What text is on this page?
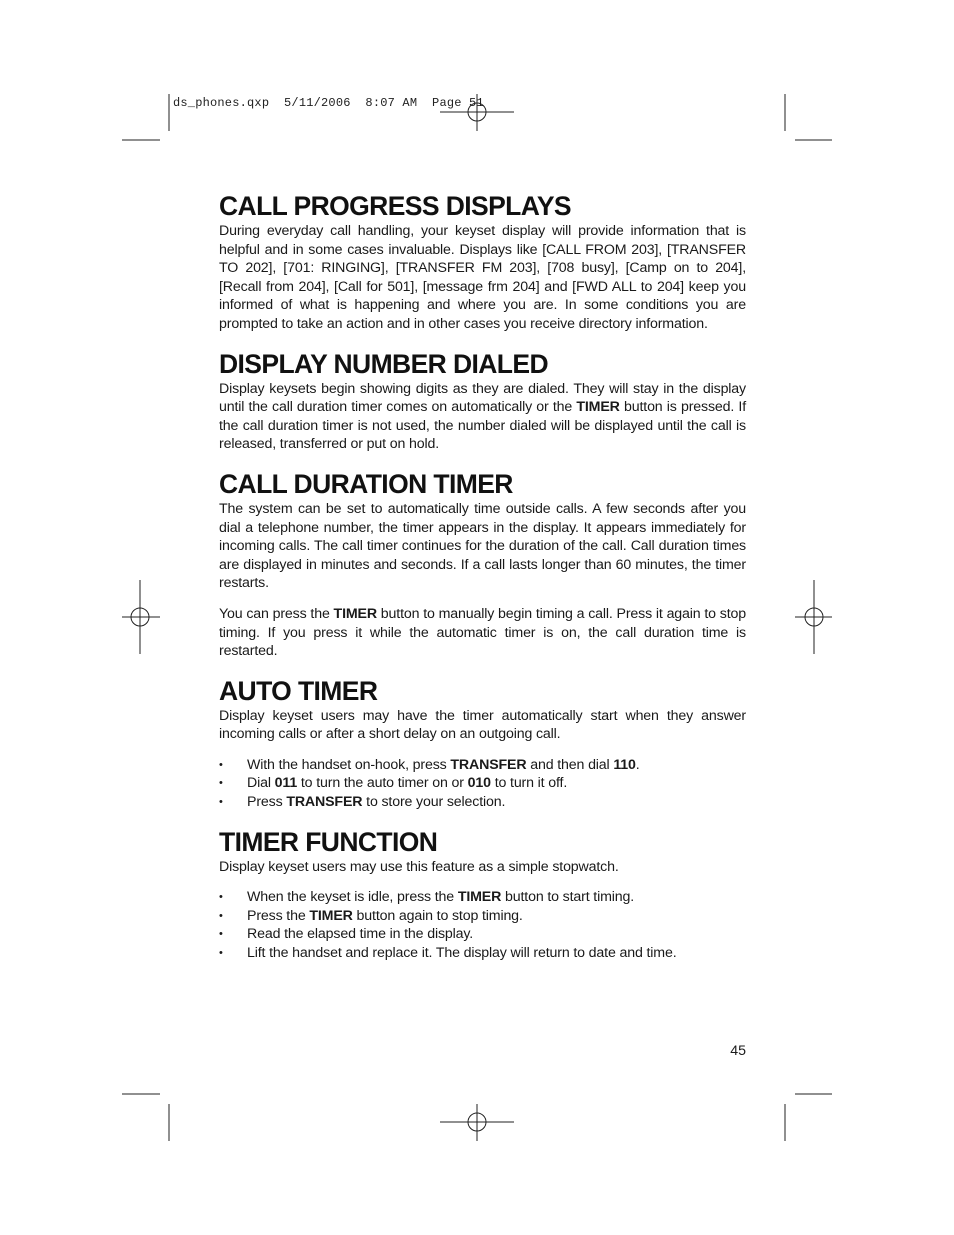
ds_phones.qxp  5/11/2006  8:07 AM  Page 51
CALL PROGRESS DISPLAYS

During everyday call handling, your keyset display will provide information that is helpful and in some cases invaluable. Displays like [CALL FROM 203], [TRANSFER TO 202], [701: RINGING], [TRANSFER FM 203], [708 busy], [Camp on to 204], [Recall from 204], [Call for 501], [message frm 204] and [FWD ALL to 204] keep you informed of what is happening and where you are. In some conditions you are prompted to take an action and in other cases you receive directory information.

DISPLAY NUMBER DIALED

Display keysets begin showing digits as they are dialed. They will stay in the display until the call duration timer comes on automatically or the TIMER button is pressed. If the call duration timer is not used, the number dialed will be displayed until the call is released, transferred or put on hold.

CALL DURATION TIMER

The system can be set to automatically time outside calls. A few seconds after you dial a telephone number, the timer appears in the display. It appears immediately for incoming calls. The call timer continues for the duration of the call. Call duration times are displayed in minutes and seconds. If a call lasts longer than 60 minutes, the timer restarts.

You can press the TIMER button to manually begin timing a call. Press it again to stop timing. If you press it while the automatic timer is on, the call duration time is restarted.

AUTO TIMER

Display keyset users may have the timer automatically start when they answer incoming calls or after a short delay on an outgoing call.

• With the handset on-hook, press TRANSFER and then dial 110.
• Dial 011 to turn the auto timer on or 010 to turn it off.
• Press TRANSFER to store your selection.
TIMER FUNCTION

Display keyset users may use this feature as a simple stopwatch.

• When the keyset is idle, press the TIMER button to start timing.
• Press the TIMER button again to stop timing.
• Read the elapsed time in the display.
• Lift the handset and replace it. The display will return to date and time.
45
